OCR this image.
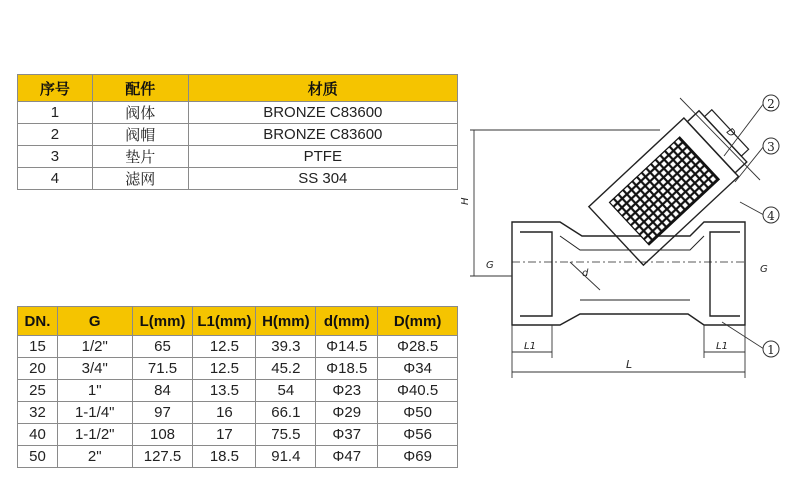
序号	配件	材质
1	阀体	BRONZE C83600
2	阀帽	BRONZE C83600
3	垫片	PTFE
4	滤网	SS 304
DN.	G	L(mm)	L1(mm)	H(mm)	d(mm)	D(mm)
15	1/2"	65	12.5	39.3	Φ14.5	Φ28.5
20	3/4"	71.5	12.5	45.2	Φ18.5	Φ34
25	1"	84	13.5	54	Φ23	Φ40.5
32	1-1/4"	97	16	66.1	Φ29	Φ50
40	1-1/2"	108	17	75.5	Φ37	Φ56
50	2"	127.5	18.5	91.4	Φ47	Φ69
1
2
3
4
H
L
L1	L1
G	G
D
d
